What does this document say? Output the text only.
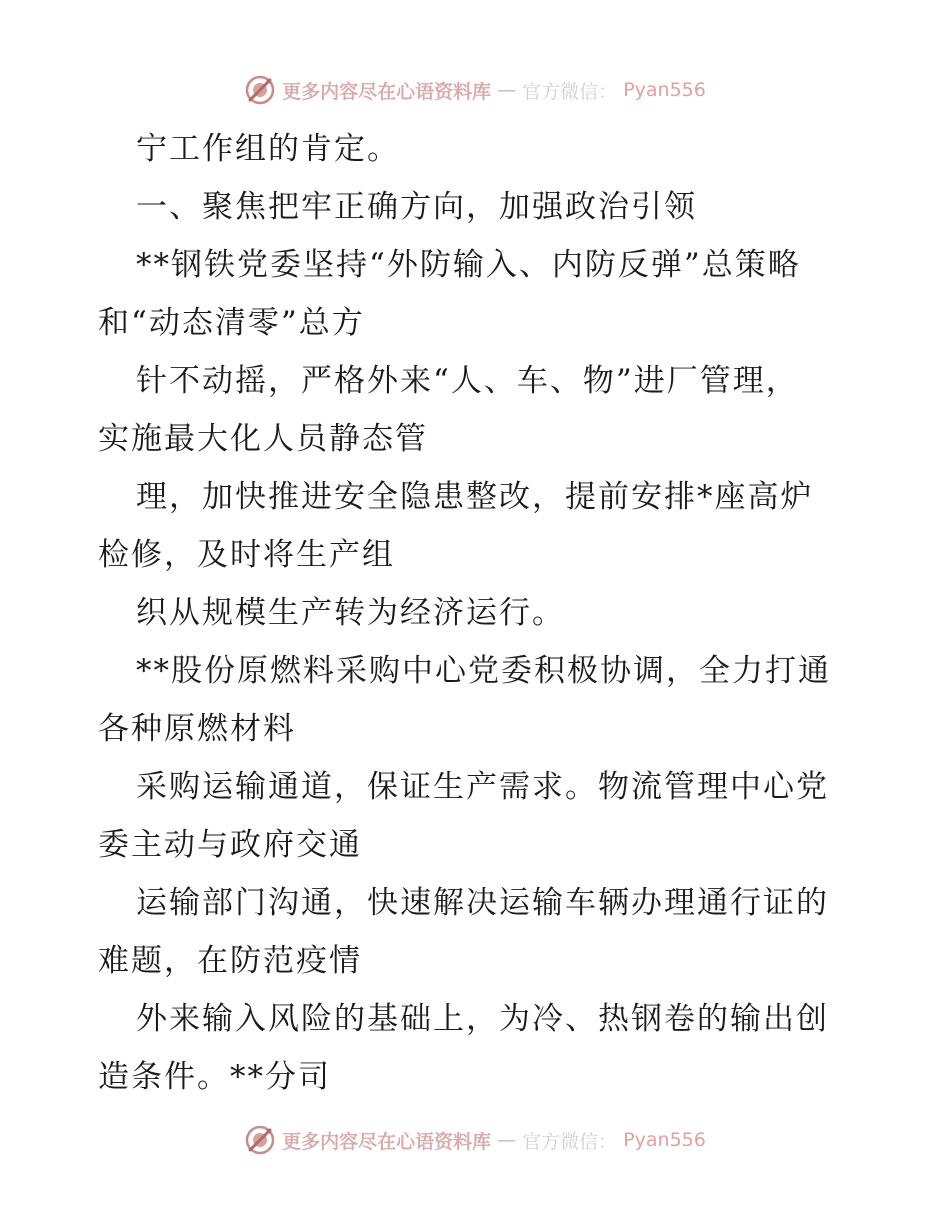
更多内容尽在心语资料库 — 官方微信： Pyan556
宁工作组的肯定。
一、聚焦把牢正确方向，加强政治引领
**钢铁党委坚持“外防输入、内防反弹”总策略
和“动态清零”总方
针不动摇，严格外来“人、车、物”进厂管理，
实施最大化人员静态管
理，加快推进安全隐患整改，提前安排*座高炉
检修，及时将生产组
织从规模生产转为经济运行。
**股份原燃料采购中心党委积极协调，全力打通
各种原燃材料
采购运输通道，保证生产需求。物流管理中心党
委主动与政府交通
运输部门沟通，快速解决运输车辆办理通行证的
难题，在防范疫情
外来输入风险的基础上，为冷、热钢卷的输出创
造条件。**分司
更多内容尽在心语资料库 — 官方微信： Pyan556
